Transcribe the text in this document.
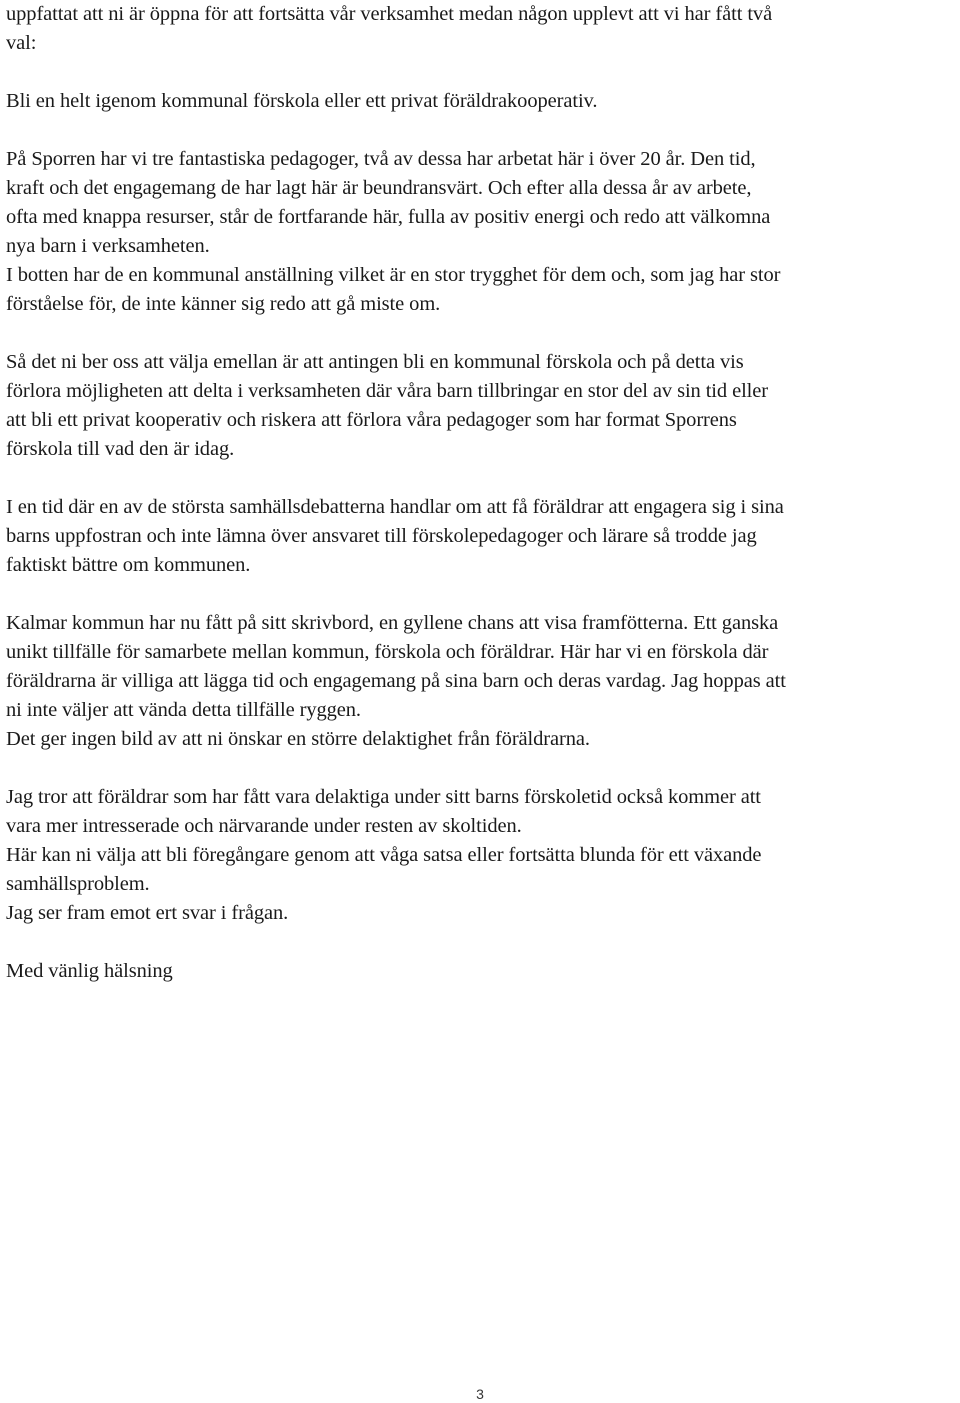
uppfattat att ni är öppna för att fortsätta vår verksamhet medan någon upplevt att vi har fått två
val:

Bli en helt igenom kommunal förskola eller ett privat föräldrakooperativ.

På Sporren har vi tre fantastiska pedagoger, två av dessa har arbetat här i över 20 år. Den tid,
kraft och det engagemang de har lagt här är beundransvärt. Och efter alla dessa år av arbete,
ofta med knappa resurser, står de fortfarande här, fulla av positiv energi och redo att välkomna
nya barn i verksamheten.
I botten har de en kommunal anställning vilket är en stor trygghet för dem och, som jag har stor
förståelse för, de inte känner sig redo att gå miste om.

Så det ni ber oss att välja emellan är att antingen bli en kommunal förskola och på detta vis
förlora möjligheten att delta i verksamheten där våra barn tillbringar en stor del av sin tid eller
att bli ett privat kooperativ och riskera att förlora våra pedagoger som har format Sporrens
förskola till vad den är idag.

I en tid där en av de största samhällsdebatterna handlar om att få föräldrar att engagera sig i sina
barns uppfostran och inte lämna över ansvaret till förskolepedagoger och lärare så trodde jag
faktiskt bättre om kommunen.

Kalmar kommun har nu fått på sitt skrivbord, en gyllene chans att visa framfötterna. Ett ganska
unikt tillfälle för samarbete mellan kommun, förskola och föräldrar. Här har vi en förskola där
föräldrarna är villiga att lägga tid och engagemang på sina barn och deras vardag. Jag hoppas att
ni inte väljer att vända detta tillfälle ryggen.
Det ger ingen bild av att ni önskar en större delaktighet från föräldrarna.

Jag tror att föräldrar som har fått vara delaktiga under sitt barns förskoletid också kommer att
vara mer intresserade och närvarande under resten av skoltiden.
Här kan ni välja att bli föregångare genom att våga satsa eller fortsätta blunda för ett växande
samhällsproblem.
Jag ser fram emot ert svar i frågan.

Med vänlig hälsning

3
